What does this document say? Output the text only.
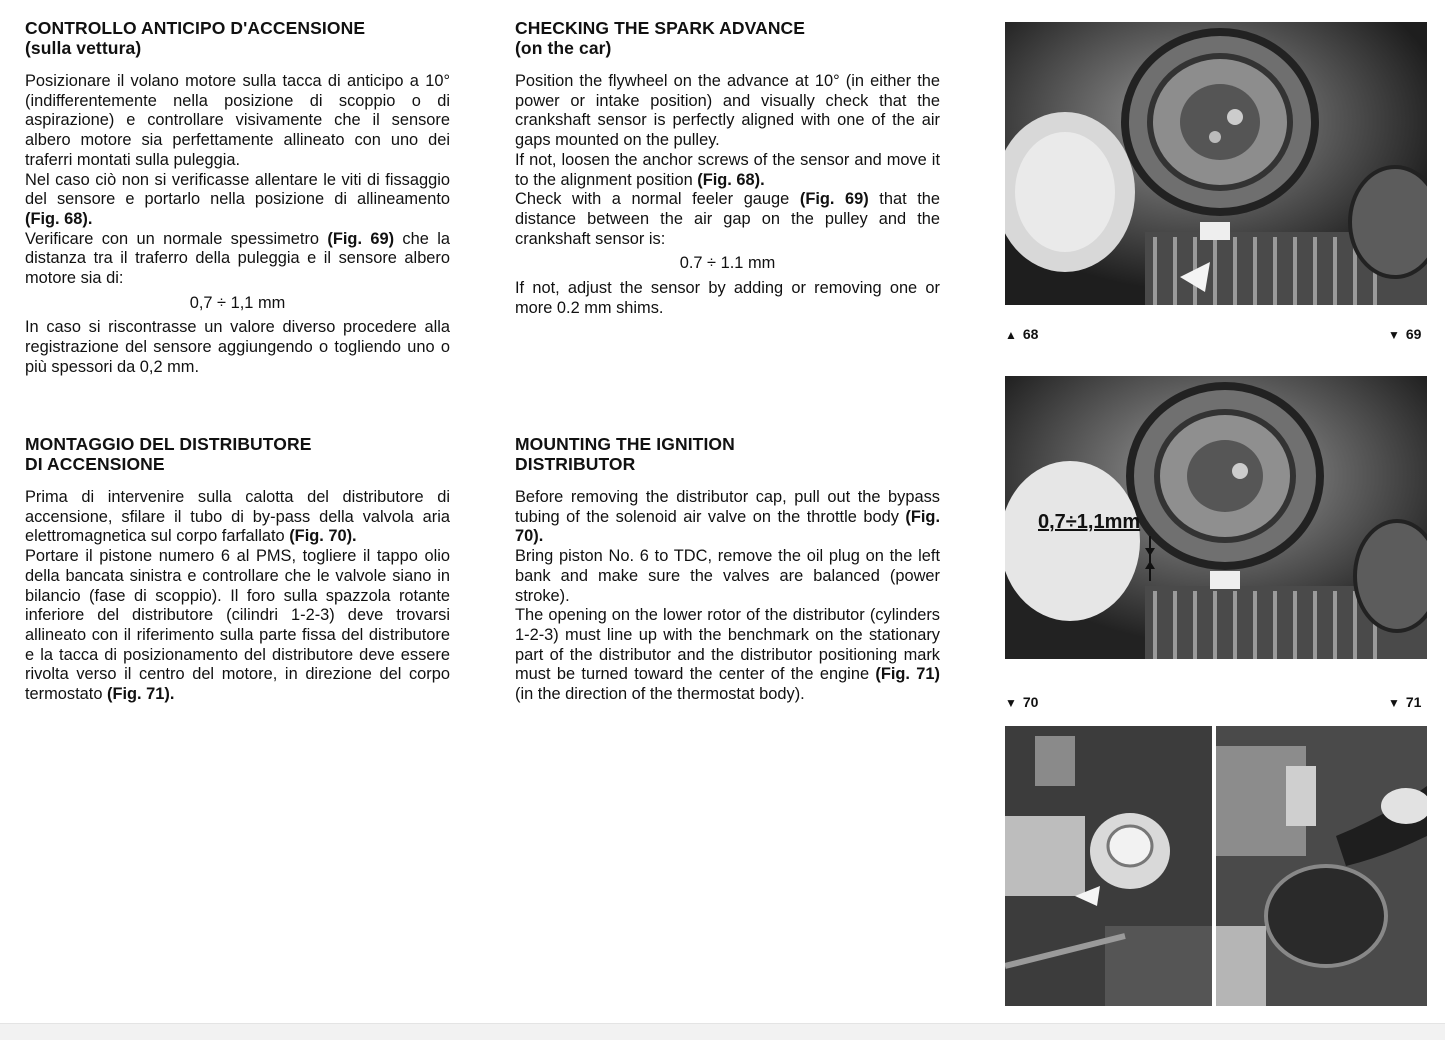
CONTROLLO ANTICIPO D'ACCENSIONE
(sulla vettura)

Posizionare il volano motore sulla tacca di anticipo a 10° (indifferentemente nella posizione di scoppio o di aspirazione) e controllare visivamente che il sensore albero motore sia perfettamente allineato con uno dei traferri montati sulla puleggia.

Nel caso ciò non si verificasse allentare le viti di fissaggio del sensore e portarlo nella posizione di allineamento (Fig. 68).

Verificare con un normale spessimetro (Fig. 69) che la distanza tra il traferro della puleggia e il sensore albero motore sia di:

0,7 ÷ 1,1 mm

In caso si riscontrasse un valore diverso procedere alla registrazione del sensore aggiungendo o togliendo uno o più spessori da 0,2 mm.

MONTAGGIO DEL DISTRIBUTORE
DI ACCENSIONE

Prima di intervenire sulla calotta del distributore di accensione, sfilare il tubo di by-pass della valvola aria elettromagnetica sul corpo farfallato (Fig. 70).

Portare il pistone numero 6 al PMS, togliere il tappo olio della bancata sinistra e controllare che le valvole siano in bilancio (fase di scoppio). Il foro sulla spazzola rotante inferiore del distributore (cilindri 1-2-3) deve trovarsi allineato con il riferimento sulla parte fissa del distributore e la tacca di posizionamento del distributore deve essere rivolta verso il centro del motore, in direzione del corpo termostato (Fig. 71).

CHECKING THE SPARK ADVANCE
(on the car)

Position the flywheel on the advance at 10° (in either the power or intake position) and visually check that the crankshaft sensor is perfectly aligned with one of the air gaps mounted on the pulley.

If not, loosen the anchor screws of the sensor and move it to the alignment position (Fig. 68).

Check with a normal feeler gauge (Fig. 69) that the distance between the air gap on the pulley and the crankshaft sensor is:

0.7 ÷ 1.1 mm

If not, adjust the sensor by adding or removing one or more 0.2 mm shims.

MOUNTING THE IGNITION
DISTRIBUTOR

Before removing the distributor cap, pull out the bypass tubing of the solenoid air valve on the throttle body (Fig. 70).

Bring piston No. 6 to TDC, remove the oil plug on the left bank and make sure the valves are balanced (power stroke).

The opening on the lower rotor of the distributor (cylinders 1-2-3) must line up with the benchmark on the stationary part of the distributor and the distributor positioning mark must be turned toward the center of the engine (Fig. 71) (in the direction of the thermostat body).

▲ 68	▼ 69
0,7÷1,1mm
▼ 70	▼ 71
